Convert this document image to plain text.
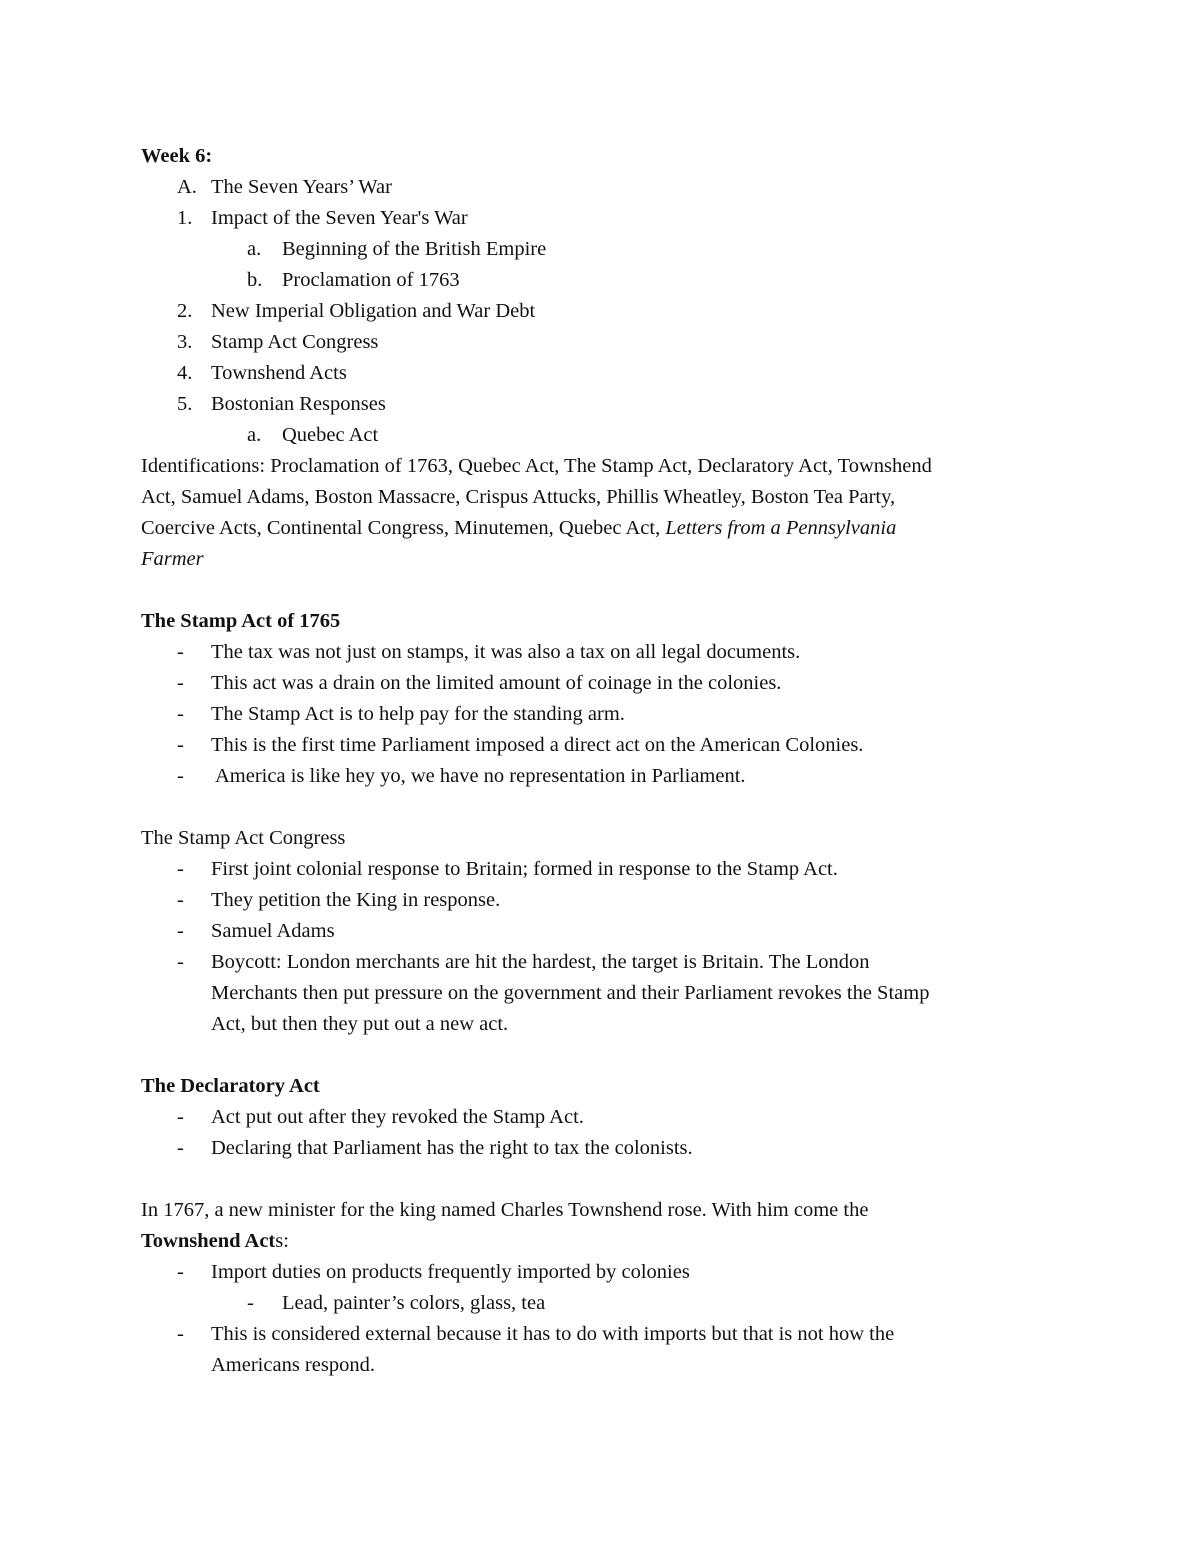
Week 6:
A. The Seven Years’ War
1. Impact of the Seven Year's War
a. Beginning of the British Empire
b. Proclamation of 1763
2. New Imperial Obligation and War Debt
3. Stamp Act Congress
4. Townshend Acts
5. Bostonian Responses
a. Quebec Act
Identifications: Proclamation of 1763, Quebec Act, The Stamp Act, Declaratory Act, Townshend
Act, Samuel Adams, Boston Massacre, Crispus Attucks, Phillis Wheatley, Boston Tea Party,
Coercive Acts, Continental Congress, Minutemen, Quebec Act, Letters from a Pennsylvania
Farmer
The Stamp Act of 1765
- The tax was not just on stamps, it was also a tax on all legal documents.
- This act was a drain on the limited amount of coinage in the colonies.
- The Stamp Act is to help pay for the standing arm.
- This is the first time Parliament imposed a direct act on the American Colonies.
- America is like hey yo, we have no representation in Parliament.
The Stamp Act Congress
- First joint colonial response to Britain; formed in response to the Stamp Act.
- They petition the King in response.
- Samuel Adams
- Boycott: London merchants are hit the hardest, the target is Britain. The London
Merchants then put pressure on the government and their Parliament revokes the Stamp
Act, but then they put out a new act.
The Declaratory Act
- Act put out after they revoked the Stamp Act.
- Declaring that Parliament has the right to tax the colonists.
In 1767, a new minister for the king named Charles Townshend rose. With him come the
Townshend Acts:
- Import duties on products frequently imported by colonies
- Lead, painter’s colors, glass, tea
- This is considered external because it has to do with imports but that is not how the
Americans respond.
